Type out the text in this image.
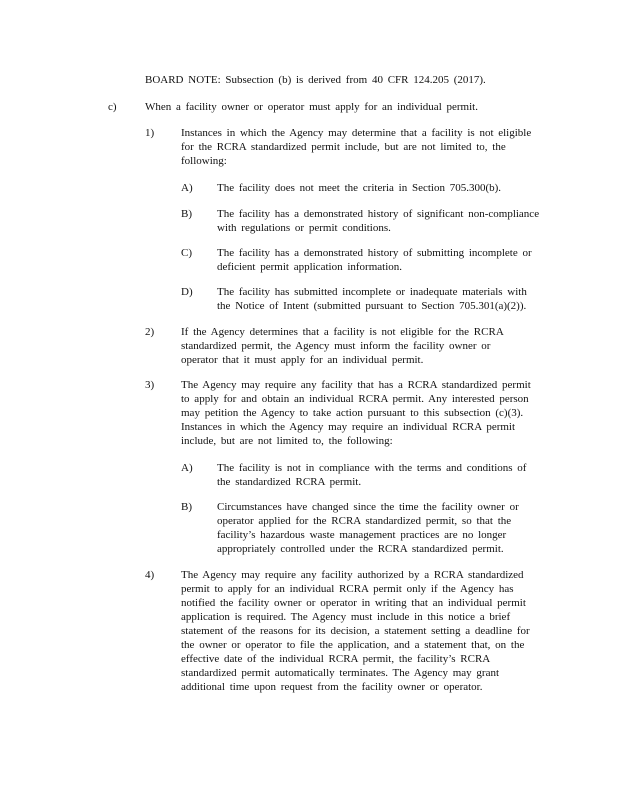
BOARD NOTE: Subsection (b) is derived from 40 CFR 124.205 (2017).
c)	When a facility owner or operator must apply for an individual permit.
1) Instances in which the Agency may determine that a facility is not eligible for the RCRA standardized permit include, but are not limited to, the following:
A) The facility does not meet the criteria in Section 705.300(b).
B) The facility has a demonstrated history of significant non-compliance with regulations or permit conditions.
C) The facility has a demonstrated history of submitting incomplete or deficient permit application information.
D) The facility has submitted incomplete or inadequate materials with the Notice of Intent (submitted pursuant to Section 705.301(a)(2)).
2) If the Agency determines that a facility is not eligible for the RCRA standardized permit, the Agency must inform the facility owner or operator that it must apply for an individual permit.
3) The Agency may require any facility that has a RCRA standardized permit to apply for and obtain an individual RCRA permit. Any interested person may petition the Agency to take action pursuant to this subsection (c)(3). Instances in which the Agency may require an individual RCRA permit include, but are not limited to, the following:
A) The facility is not in compliance with the terms and conditions of the standardized RCRA permit.
B) Circumstances have changed since the time the facility owner or operator applied for the RCRA standardized permit, so that the facility’s hazardous waste management practices are no longer appropriately controlled under the RCRA standardized permit.
4) The Agency may require any facility authorized by a RCRA standardized permit to apply for an individual RCRA permit only if the Agency has notified the facility owner or operator in writing that an individual permit application is required. The Agency must include in this notice a brief statement of the reasons for its decision, a statement setting a deadline for the owner or operator to file the application, and a statement that, on the effective date of the individual RCRA permit, the facility’s RCRA standardized permit automatically terminates. The Agency may grant additional time upon request from the facility owner or operator.
